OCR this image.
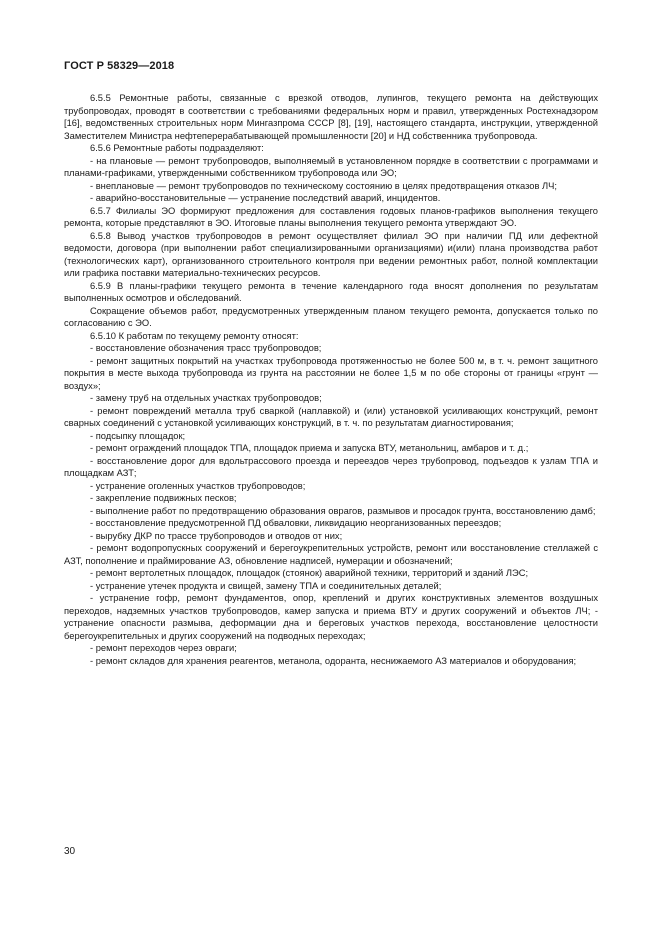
ГОСТ Р 58329—2018

6.5.5 Ремонтные работы, связанные с врезкой отводов, лупингов, текущего ремонта на действующих трубопроводах, проводят в соответствии с требованиями федеральных норм и правил, утвержденных Ростехнадзором [16], ведомственных строительных норм Мингазпрома СССР [8], [19], настоящего стандарта, инструкции, утвержденной Заместителем Министра нефтеперерабатывающей промышленности [20] и НД собственника трубопровода.

6.5.6 Ремонтные работы подразделяют:

- на плановые — ремонт трубопроводов, выполняемый в установленном порядке в соответствии с программами и планами-графиками, утвержденными собственником трубопровода или ЭО;

- внеплановые — ремонт трубопроводов по техническому состоянию в целях предотвращения отказов ЛЧ;

- аварийно-восстановительные — устранение последствий аварий, инцидентов.

6.5.7 Филиалы ЭО формируют предложения для составления годовых планов-графиков выполнения текущего ремонта, которые представляют в ЭО. Итоговые планы выполнения текущего ремонта утверждают ЭО.

6.5.8 Вывод участков трубопроводов в ремонт осуществляет филиал ЭО при наличии ПД или дефектной ведомости, договора (при выполнении работ специализированными организациями) и(или) плана производства работ (технологических карт), организованного строительного контроля при ведении ремонтных работ, полной комплектации или графика поставки материально-технических ресурсов.

6.5.9 В планы-графики текущего ремонта в течение календарного года вносят дополнения по результатам выполненных осмотров и обследований.

Сокращение объемов работ, предусмотренных утвержденным планом текущего ремонта, допускается только по согласованию с ЭО.

6.5.10 К работам по текущему ремонту относят:

- восстановление обозначения трасс трубопроводов;

- ремонт защитных покрытий на участках трубопровода протяженностью не более 500 м, в т. ч. ремонт защитного покрытия в месте выхода трубопровода из грунта на расстоянии не более 1,5 м по обе стороны от границы «грунт — воздух»;

- замену труб на отдельных участках трубопроводов;

- ремонт повреждений металла труб сваркой (наплавкой) и (или) установкой усиливающих конструкций, ремонт сварных соединений с установкой усиливающих конструкций, в т. ч. по результатам диагностирования;

- подсыпку площадок;

- ремонт ограждений площадок ТПА, площадок приема и запуска ВТУ, метанольниц, амбаров и т. д.;

- восстановление дорог для вдольтрассового проезда и переездов через трубопровод, подъездов к узлам ТПА и площадкам АЗТ;

- устранение оголенных участков трубопроводов;

- закрепление подвижных песков;

- выполнение работ по предотвращению образования оврагов, размывов и просадок грунта, восстановлению дамб;

- восстановление предусмотренной ПД обваловки, ликвидацию неорганизованных переездов;

- вырубку ДКР по трассе трубопроводов и отводов от них;

- ремонт водопропускных сооружений и берегоукрепительных устройств, ремонт или восстановление стеллажей с АЗТ, пополнение и праймирование АЗ, обновление надписей, нумерации и обозначений;

- ремонт вертолетных площадок, площадок (стоянок) аварийной техники, территорий и зданий ЛЭС;

- устранение утечек продукта и свищей, замену ТПА и соединительных деталей;

- устранение гофр, ремонт фундаментов, опор, креплений и других конструктивных элементов воздушных переходов, надземных участков трубопроводов, камер запуска и приема ВТУ и других сооружений и объектов ЛЧ; - устранение опасности размыва, деформации дна и береговых участков перехода, восстановление целостности берегоукрепительных и других сооружений на подводных переходах;

- ремонт переходов через овраги;

- ремонт складов для хранения реагентов, метанола, одоранта, неснижаемого АЗ материалов и оборудования;

30
